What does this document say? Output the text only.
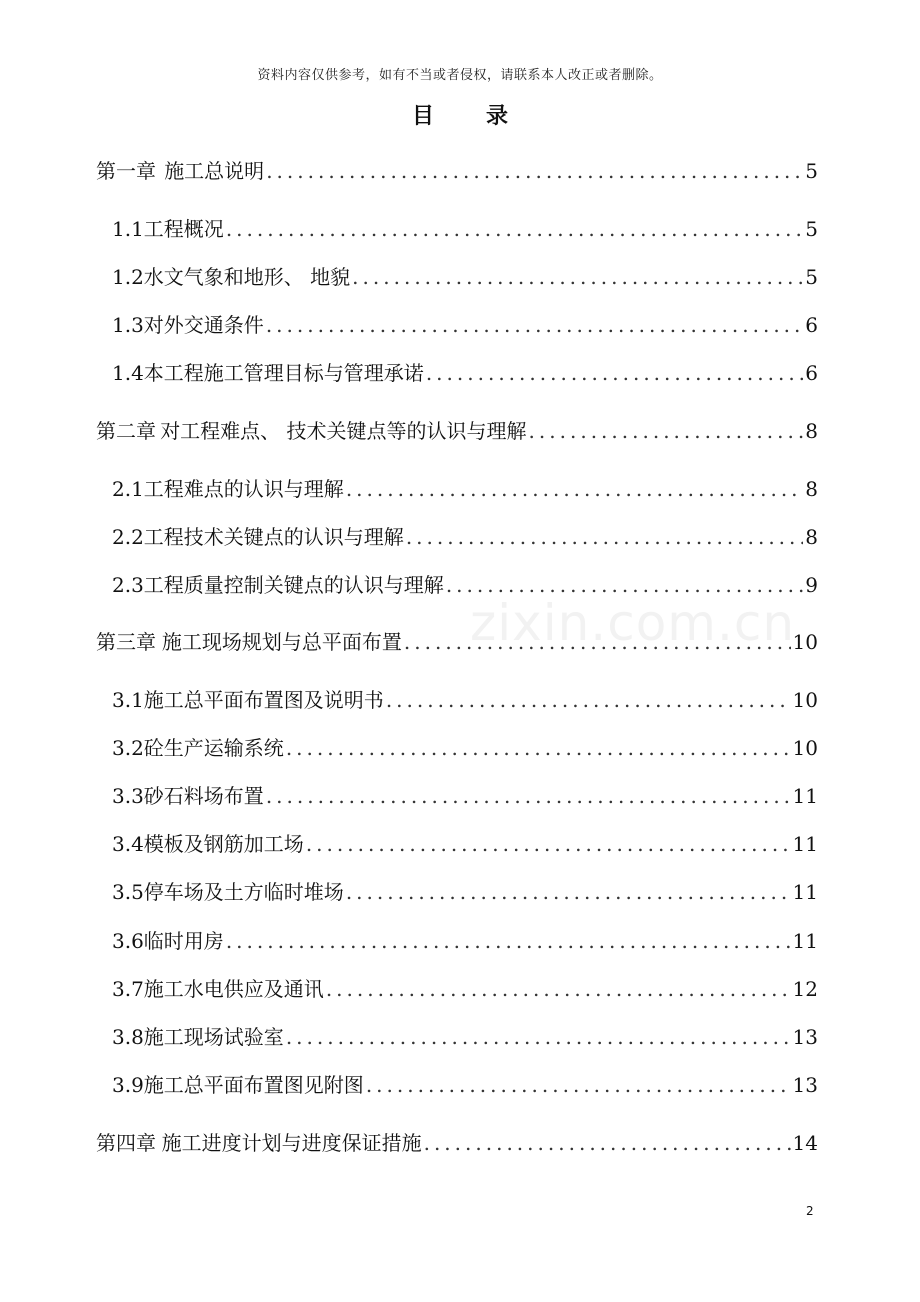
zixin.com.cn
资料内容仅供参考，如有不当或者侵权，请联系本人改正或者删除。
目 录
第一章 施工总说明 .....	5
1.1工程概况 .....	5
1.2水文气象和地形、 地貌 .....	5
1.3对外交通条件 .....	6
1.4本工程施工管理目标与管理承诺 .....	6
第二章 对工程难点、 技术关键点等的认识与理解 .....	8
2.1工程难点的认识与理解 .....	8
2.2工程技术关键点的认识与理解 .....	8
2.3工程质量控制关键点的认识与理解 .....	9
第三章 施工现场规划与总平面布置 .....	10
3.1施工总平面布置图及说明书 .....	10
3.2砼生产运输系统 .....	10
3.3砂石料场布置 .....	11
3.4模板及钢筋加工场 .....	11
3.5停车场及土方临时堆场 .....	11
3.6临时用房 .....	11
3.7施工水电供应及通讯 .....	12
3.8施工现场试验室 .....	13
3.9施工总平面布置图见附图 .....	13
第四章 施工进度计划与进度保证措施 .....	14
2
